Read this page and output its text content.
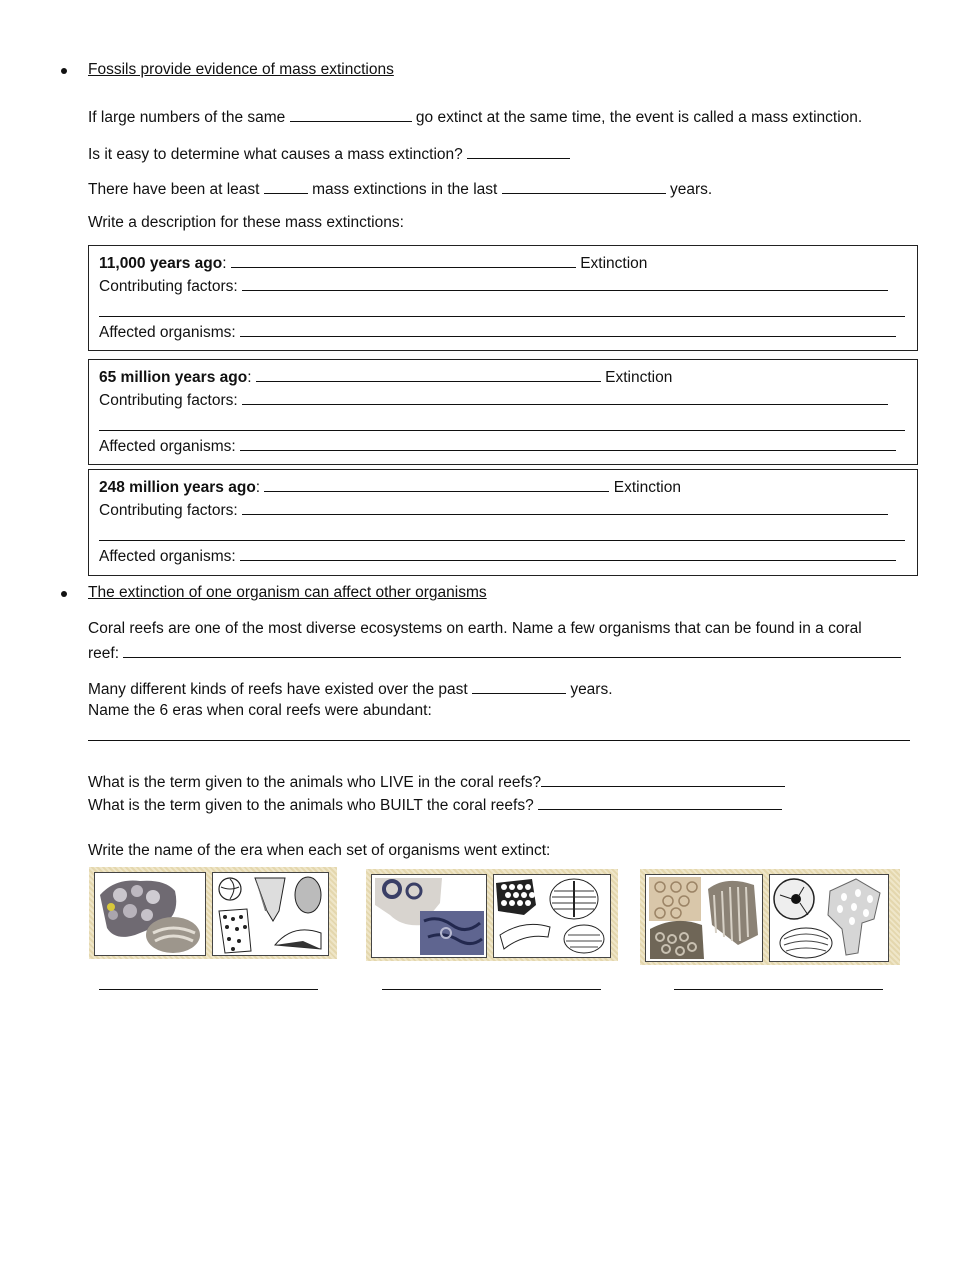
Fossils provide evidence of mass extinctions
If large numbers of the same	go extinct at the same time, the event is called a mass extinction.
Is it easy to determine what causes a mass extinction?
There have been at least	mass extinctions in the last	years.
Write a description for these mass extinctions:
11,000 years ago:	Extinction
Contributing factors:
Affected organisms:
65 million years ago:	Extinction
Contributing factors:
Affected organisms:
248 million years ago:	Extinction
Contributing factors:
Affected organisms:
The extinction of one organism can affect other organisms
Coral reefs are one of the most diverse ecosystems on earth. Name a few organisms that can be found in a coral
reef:
Many different kinds of reefs have existed over the past	years.
Name the 6 eras when coral reefs were abundant:
What is the term given to the animals who LIVE in the coral reefs?
What is the term given to the animals who BUILT the coral reefs?
Write the name of the era when each set of organisms went extinct:
